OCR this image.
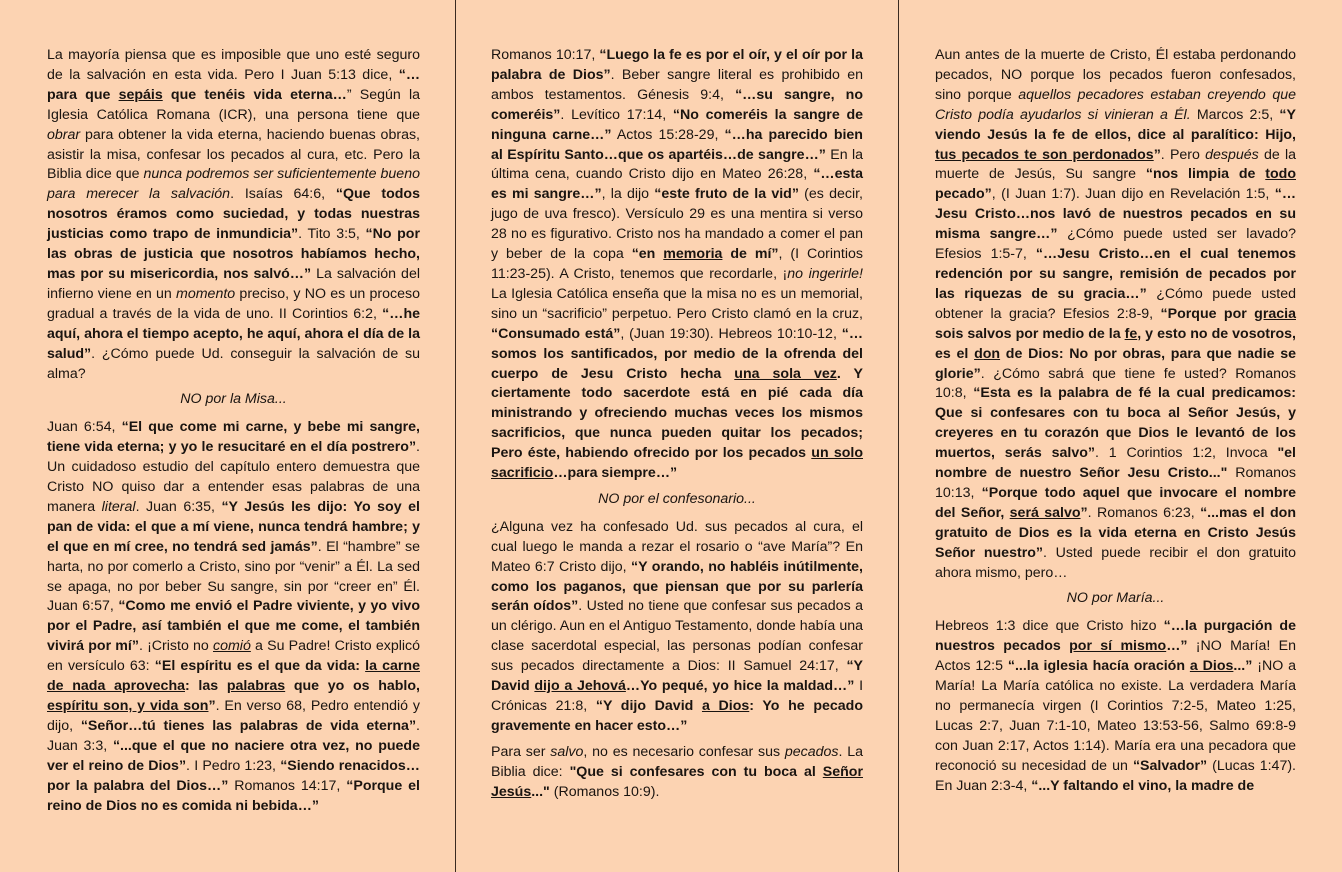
La mayoría piensa que es imposible que uno esté seguro de la salvación en esta vida. Pero I Juan 5:13 dice, “…para que sepáis que tenéis vida eterna…” Según la Iglesia Católica Romana (ICR), una persona tiene que obrar para obtener la vida eterna, haciendo buenas obras, asistir la misa, confesar los pecados al cura, etc. Pero la Biblia dice que nunca podremos ser suficientemente bueno para merecer la salvación. Isaías 64:6, “Que todos nosotros éramos como suciedad, y todas nuestras justicias como trapo de inmundicia”. Tito 3:5, “No por las obras de justicia que nosotros habíamos hecho, mas por su misericordia, nos salvó…” La salvación del infierno viene en un momento preciso, y NO es un proceso gradual a través de la vida de uno. II Corintios 6:2, “…he aquí, ahora el tiempo acepto, he aquí, ahora el día de la salud”. ¿Cómo puede Ud. conseguir la salvación de su alma?

NO por la Misa...

Juan 6:54, “El que come mi carne, y bebe mi sangre, tiene vida eterna; y yo le resucitaré en el día postrero”. Un cuidadoso estudio del capítulo entero demuestra que Cristo NO quiso dar a entender esas palabras de una manera literal. Juan 6:35, “Y Jesús les dijo: Yo soy el pan de vida: el que a mí viene, nunca tendrá hambre; y el que en mí cree, no tendrá sed jamás”. El “hambre” se harta, no por comerlo a Cristo, sino por “venir” a Él. La sed se apaga, no por beber Su sangre, sin por “creer en” Él. Juan 6:57, “Como me envió el Padre viviente, y yo vivo por el Padre, así también el que me come, el también vivirá por mí”. ¡Cristo no comió a Su Padre! Cristo explicó en versículo 63: “El espíritu es el que da vida: la carne de nada aprovecha: las palabras que yo os hablo, espíritu son, y vida son”. En verso 68, Pedro entendió y dijo, “Señor…tú tienes las palabras de vida eterna”. Juan 3:3, “...que el que no naciere otra vez, no puede ver el reino de Dios”. I Pedro 1:23, “Siendo renacidos…por la palabra del Dios…” Romanos 14:17, “Porque el reino de Dios no es comida ni bebida…”

Romanos 10:17, “Luego la fe es por el oír, y el oír por la palabra de Dios”. Beber sangre literal es prohibido en ambos testamentos. Génesis 9:4, “…su sangre, no comeréis”. Levítico 17:14, “No comeréis la sangre de ninguna carne…” Actos 15:28-29, “…ha parecido bien al Espíritu Santo…que os apartéis…de sangre…” En la última cena, cuando Cristo dijo en Mateo 26:28, “…esta es mi sangre…”, la dijo “este fruto de la vid” (es decir, jugo de uva fresco). Versículo 29 es una mentira si verso 28 no es figurativo. Cristo nos ha mandado a comer el pan y beber de la copa “en memoria de mí”, (I Corintios 11:23-25). A Cristo, tenemos que recordarle, ¡no ingerirle! La Iglesia Católica enseña que la misa no es un memorial, sino un “sacrificio” perpetuo. Pero Cristo clamó en la cruz, “Consumado está”, (Juan 19:30). Hebreos 10:10-12, “…somos los santificados, por medio de la ofrenda del cuerpo de Jesu Cristo hecha una sola vez. Y ciertamente todo sacerdote está en pié cada día ministrando y ofreciendo muchas veces los mismos sacrificios, que nunca pueden quitar los pecados; Pero éste, habiendo ofrecido por los pecados un solo sacrificio…para siempre…”

NO por el confesonario...

¿Alguna vez ha confesado Ud. sus pecados al cura, el cual luego le manda a rezar el rosario o “ave María”? En Mateo 6:7 Cristo dijo, “Y orando, no habléis inútilmente, como los paganos, que piensan que por su parlería serán oídos”. Usted no tiene que confesar sus pecados a un clérigo. Aun en el Antiguo Testamento, donde había una clase sacerdotal especial, las personas podían confesar sus pecados directamente a Dios: II Samuel 24:17, “Y David dijo a Jehová…Yo pequé, yo hice la maldad…” I Crónicas 21:8, “Y dijo David a Dios: Yo he pecado gravemente en hacer esto…”

Para ser salvo, no es necesario confesar sus pecados. La Biblia dice: "Que si confesares con tu boca al Señor Jesús..." (Romanos 10:9).

Aun antes de la muerte de Cristo, Él estaba perdonando pecados, NO porque los pecados fueron confesados, sino porque aquellos pecadores estaban creyendo que Cristo podía ayudarlos si vinieran a Él. Marcos 2:5, “Y viendo Jesús la fe de ellos, dice al paralítico: Hijo, tus pecados te son perdonados”. Pero después de la muerte de Jesús, Su sangre “nos limpia de todo pecado”, (I Juan 1:7). Juan dijo en Revelación 1:5, “…Jesu Cristo…nos lavó de nuestros pecados en su misma sangre…” ¿Cómo puede usted ser lavado? Efesios 1:5-7, “…Jesu Cristo…en el cual tenemos redención por su sangre, remisión de pecados por las riquezas de su gracia…” ¿Cómo puede usted obtener la gracia? Efesios 2:8-9, “Porque por gracia sois salvos por medio de la fe, y esto no de vosotros, es el don de Dios: No por obras, para que nadie se glorie”. ¿Cómo sabrá que tiene fe usted? Romanos 10:8, “Esta es la palabra de fé la cual predicamos: Que si confesares con tu boca al Señor Jesús, y creyeres en tu corazón que Dios le levantó de los muertos, serás salvo”. 1 Corintios 1:2, Invoca "el nombre de nuestro Señor Jesu Cristo..." Romanos 10:13, “Porque todo aquel que invocare el nombre del Señor, será salvo”. Romanos 6:23, “...mas el don gratuito de Dios es la vida eterna en Cristo Jesús Señor nuestro”. Usted puede recibir el don gratuito ahora mismo, pero…

NO por María...

Hebreos 1:3 dice que Cristo hizo “…la purgación de nuestros pecados por sí mismo…” ¡NO María! En Actos 12:5 “...la iglesia hacía oración a Dios...” ¡NO a María! La María católica no existe. La verdadera María no permanecía virgen (I Corintios 7:2-5, Mateo 1:25, Lucas 2:7, Juan 7:1-10, Mateo 13:53-56, Salmo 69:8-9 con Juan 2:17, Actos 1:14). María era una pecadora que reconoció su necesidad de un “Salvador” (Lucas 1:47). En Juan 2:3-4, “...Y faltando el vino, la madre de
